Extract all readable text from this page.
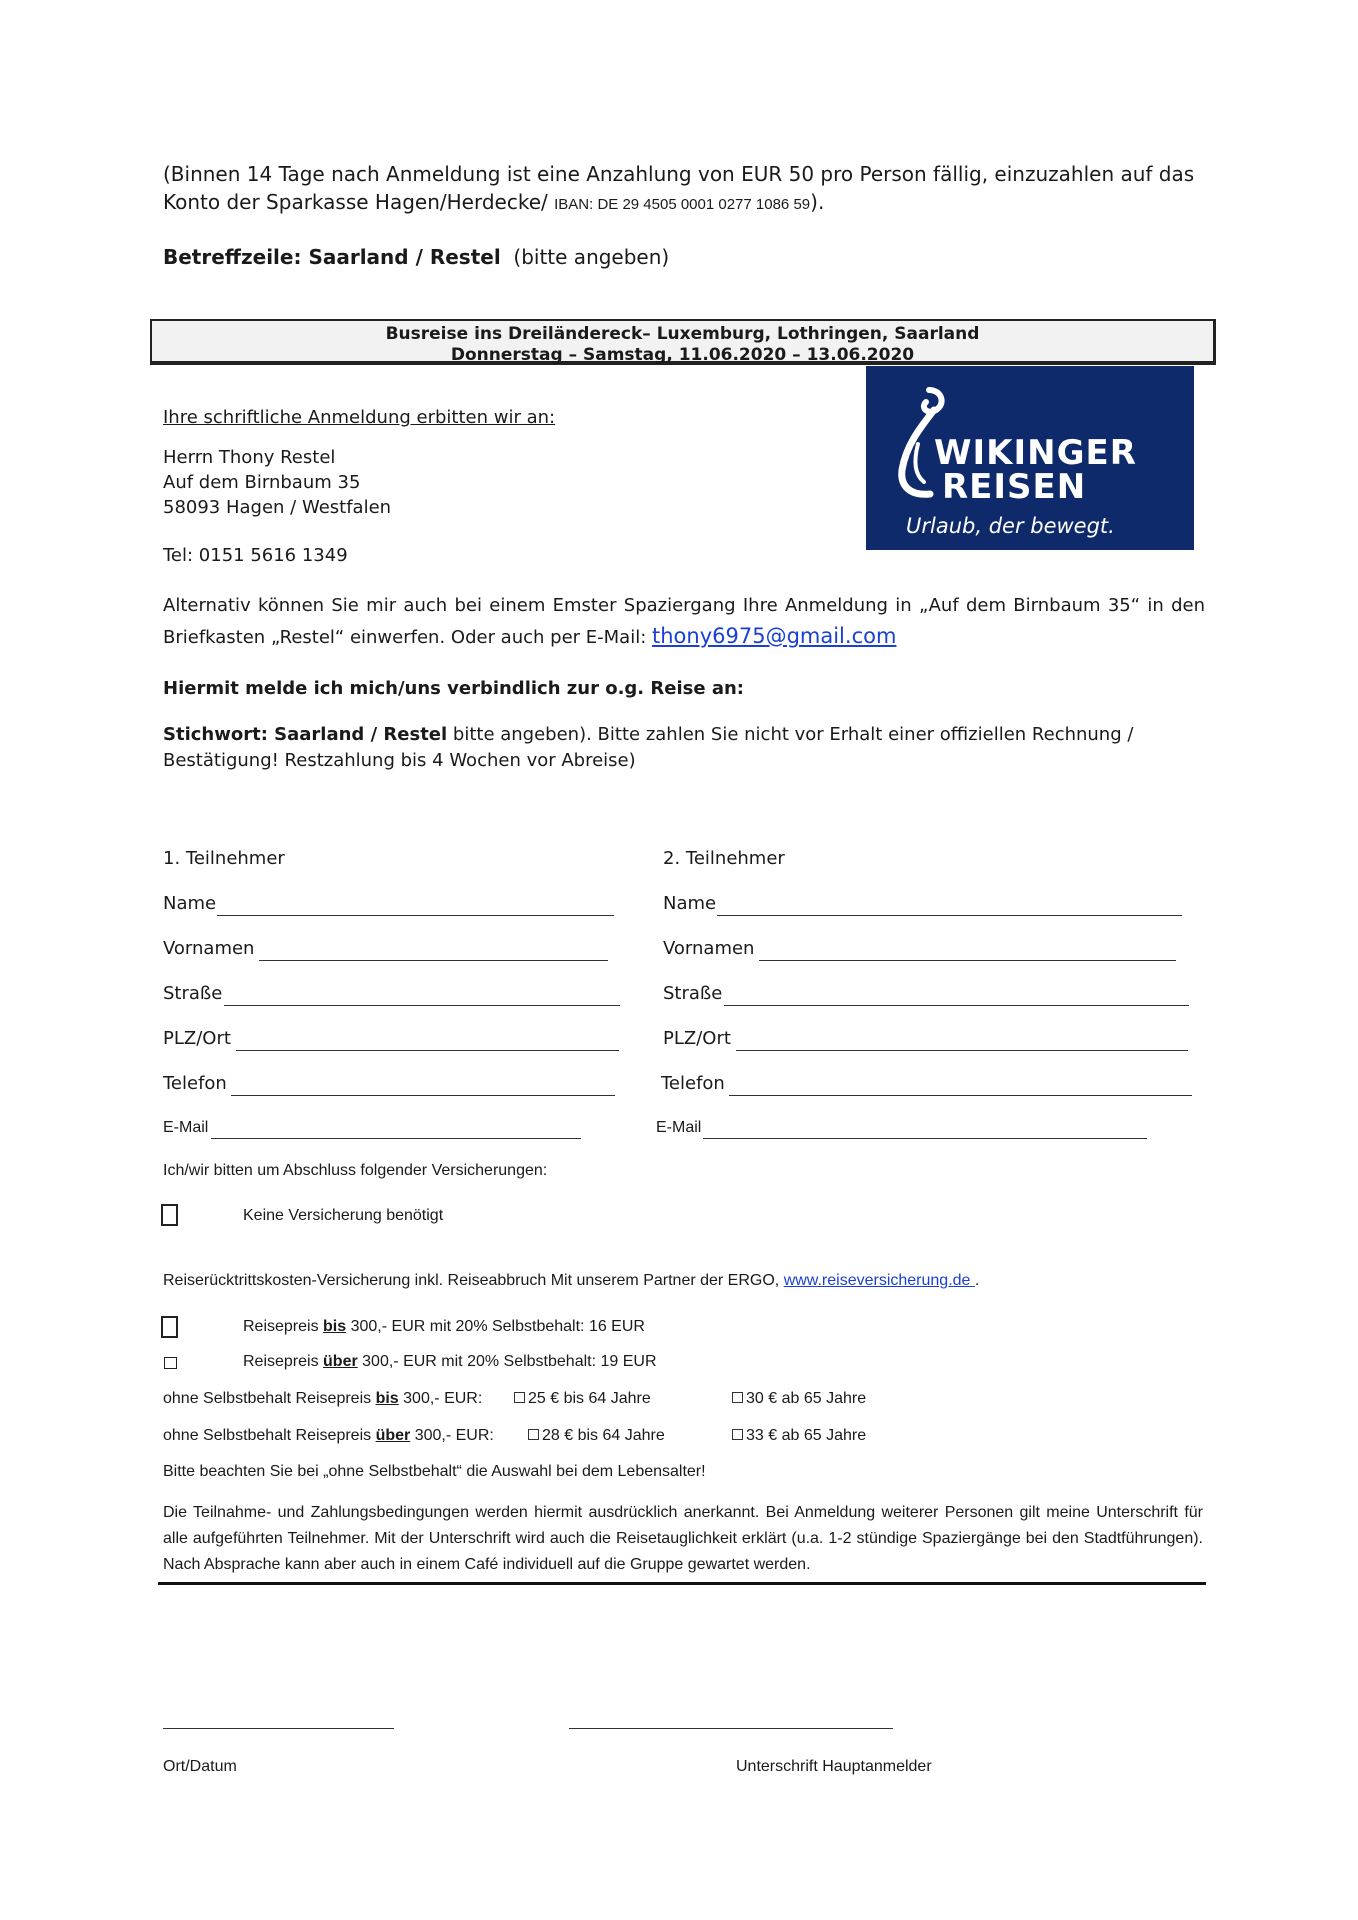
(Binnen 14 Tage nach Anmeldung ist eine Anzahlung von EUR 50 pro Person fällig, einzuzahlen auf das Konto der Sparkasse Hagen/Herdecke/ IBAN: DE 29 4505 0001 0277 1086 59).
Betreffzeile: Saarland / Restel (bitte angeben)
Busreise ins Dreiländereck– Luxemburg, Lothringen, Saarland
Donnerstag – Samstag, 11.06.2020 – 13.06.2020
WIKINGER
REISEN
Urlaub, der bewegt.
Ihre schriftliche Anmeldung erbitten wir an:
Herrn Thony Restel
Auf dem Birnbaum 35
58093 Hagen / Westfalen
Tel: 0151 5616 1349
Alternativ können Sie mir auch bei einem Emster Spaziergang Ihre Anmeldung in „Auf dem Birnbaum 35“ in den Briefkasten „Restel“ einwerfen. Oder auch per E-Mail: thony6975@gmail.com
Hiermit melde ich mich/uns verbindlich zur o.g. Reise an:
Stichwort: Saarland / Restel bitte angeben). Bitte zahlen Sie nicht vor Erhalt einer offiziellen Rechnung / Bestätigung! Restzahlung bis 4 Wochen vor Abreise)
1. Teilnehmer
Name
Vornamen
Straße
PLZ/Ort
Telefon
E-Mail
2. Teilnehmer
Name
Vornamen
Straße
PLZ/Ort
Telefon
E-Mail
Ich/wir bitten um Abschluss folgender Versicherungen:
Keine Versicherung benötigt
Reiserücktrittskosten-Versicherung inkl. Reiseabbruch Mit unserem Partner der ERGO, www.reiseversicherung.de .
Reisepreis bis 300,- EUR mit 20% Selbstbehalt: 16 EUR
Reisepreis über 300,- EUR mit 20% Selbstbehalt: 19 EUR
ohne Selbstbehalt Reisepreis bis 300,- EUR:	25 € bis 64 Jahre	30 € ab 65 Jahre
ohne Selbstbehalt Reisepreis über 300,- EUR:	28 € bis 64 Jahre	33 € ab 65 Jahre
Bitte beachten Sie bei „ohne Selbstbehalt“ die Auswahl bei dem Lebensalter!
Die Teilnahme- und Zahlungsbedingungen werden hiermit ausdrücklich anerkannt. Bei Anmeldung weiterer Personen gilt meine Unterschrift für alle aufgeführten Teilnehmer. Mit der Unterschrift wird auch die Reisetauglichkeit erklärt (u.a. 1-2 stündige Spaziergänge bei den Stadtführungen). Nach Absprache kann aber auch in einem Café individuell auf die Gruppe gewartet werden.
Ort/Datum	Unterschrift Hauptanmelder
